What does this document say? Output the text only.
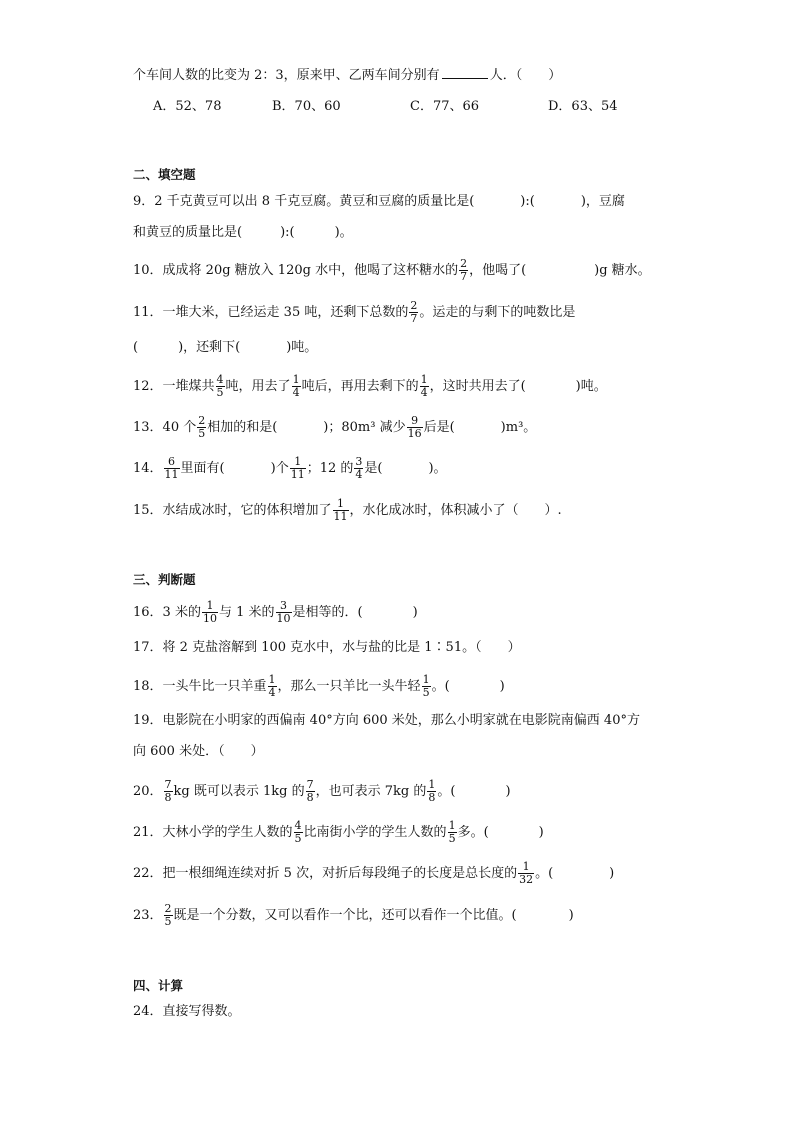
个车间人数的比变为 2：3，原来甲、乙两车间分别有	人．（　　）
A．52、78	B．70、60	C．77、66	D．63、54
二、填空题
9．2 千克黄豆可以出 8 千克豆腐。黄豆和豆腐的质量比是(	):(	)，豆腐
和黄豆的质量比是(	):(	)。
10．成成将 20g 糖放入 120g 水中，他喝了这杯糖水的 $\frac{2}{7}$ ，他喝了(	)g 糖水。
11．一堆大米，已经运走 35 吨，还剩下总数的 $\frac{2}{7}$ 。运走的与剩下的吨数比是
(	)，还剩下(	)吨。
12．一堆煤共 $\frac{4}{5}$ 吨，用去了 $\frac{1}{4}$ 吨后，再用去剩下的 $\frac{1}{4}$ ，这时共用去了(	)吨。
13．40 个 $\frac{2}{5}$ 相加的和是(	)；80m³ 减少 $\frac{9}{16}$ 后是(	)m³。
14． $\frac{6}{11}$ 里面有(	)个 $\frac{1}{11}$ ；12 的 $\frac{3}{4}$ 是(	)。
15．水结成冰时，它的体积增加了 $\frac{1}{11}$ ，水化成冰时，体积减小了（　　）.
三、判断题
16．3 米的 $\frac{1}{10}$ 与 1 米的 $\frac{3}{10}$ 是相等的．(	)
17．将 2 克盐溶解到 100 克水中，水与盐的比是 1∶51。（　　）
18．一头牛比一只羊重 $\frac{1}{4}$ ，那么一只羊比一头牛轻 $\frac{1}{5}$ 。(	)
19．电影院在小明家的西偏南 40°方向 600 米处，那么小明家就在电影院南偏西 40°方
向 600 米处．（　　）
20． $\frac{7}{8}$ kg 既可以表示 1kg 的 $\frac{7}{8}$ ，也可表示 7kg 的 $\frac{1}{8}$ 。(	)
21．大林小学的学生人数的 $\frac{4}{5}$ 比南街小学的学生人数的 $\frac{1}{5}$ 多。(	)
22．把一根细绳连续对折 5 次，对折后每段绳子的长度是总长度的 $\frac{1}{32}$ 。(	)
23． $\frac{2}{5}$ 既是一个分数，又可以看作一个比，还可以看作一个比值。(	)
四、计算
24．直接写得数。
